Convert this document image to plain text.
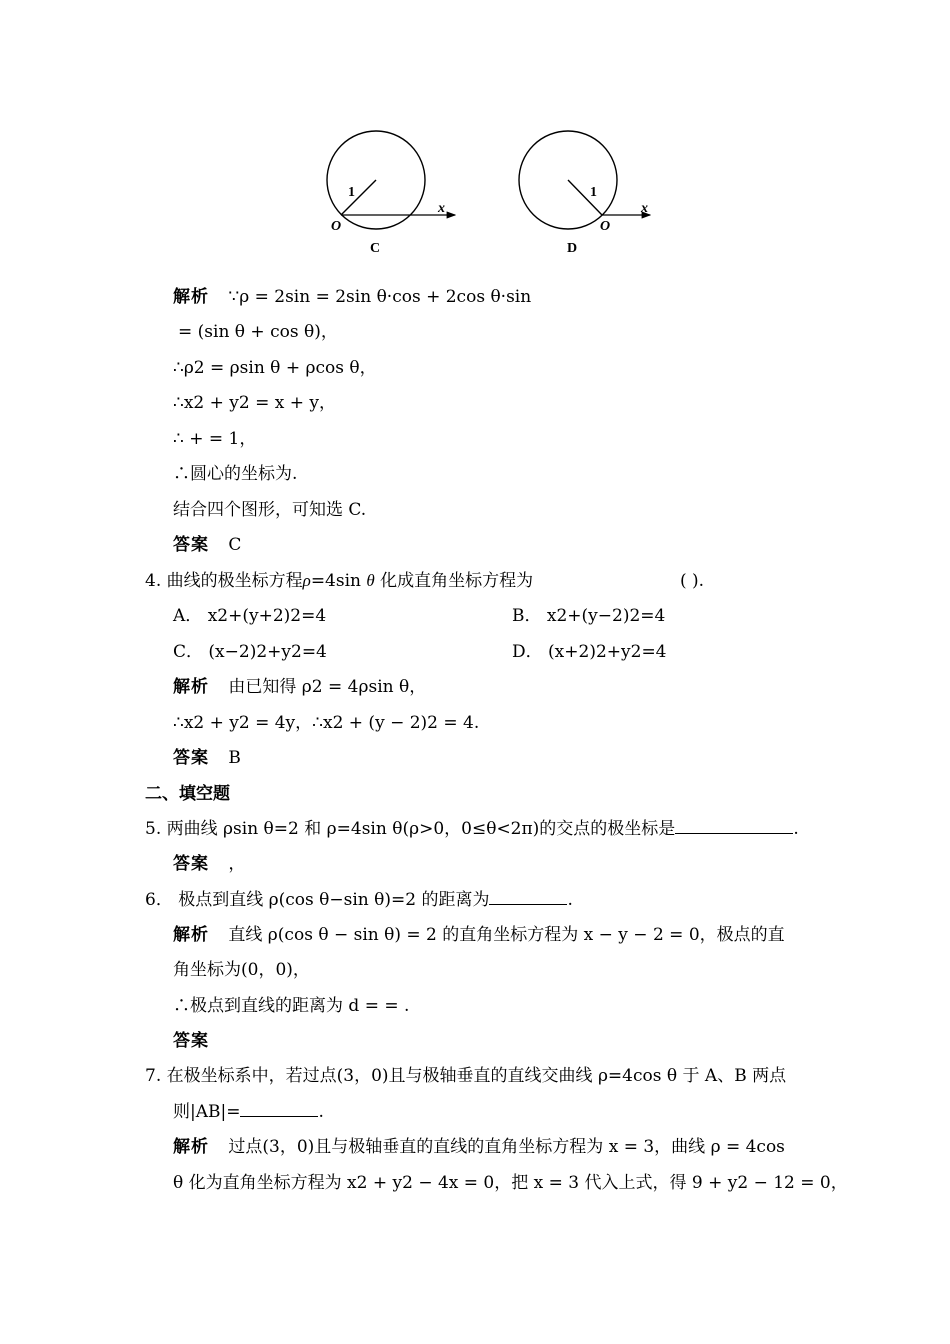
1
O
x
C
1
O
x
D
解析 ∵ρ = 2sin = 2sin θ·cos + 2cos θ·sin
= (sin θ + cos θ)，
∴ρ2 = ρsin θ + ρcos θ，
∴x2 + y2 = x + y，
∴ + = 1，
∴圆心的坐标为.
结合四个图形，可知选 C.
答案 C
4. 曲线的极坐标方程ρ=4sin θ 化成直角坐标方程为	( ).
A． x2+(y+2)2=4	B． x2+(y−2)2=4
C． (x−2)2+y2=4	D． (x+2)2+y2=4
解析 由已知得 ρ2 = 4ρsin θ，
∴x2 + y2 = 4y，∴x2 + (y − 2)2 = 4.
答案 B
二、填空题
5. 两曲线 ρsin θ=2 和 ρ=4sin θ(ρ>0，0≤θ<2π)的交点的极坐标是	.
答案 ，
6． 极点到直线 ρ(cos θ−sin θ)=2 的距离为	.
解析 直线 ρ(cos θ − sin θ) = 2 的直角坐标方程为 x − y − 2 = 0，极点的直
角坐标为(0，0)，
∴极点到直线的距离为 d = = .
答案
7. 在极坐标系中，若过点(3，0)且与极轴垂直的直线交曲线 ρ=4cos θ 于 A、B 两点
则|AB|=	.
解析 过点(3，0)且与极轴垂直的直线的直角坐标方程为 x = 3，曲线 ρ = 4cos
θ 化为直角坐标方程为 x2 + y2 − 4x = 0，把 x = 3 代入上式，得 9 + y2 − 12 = 0，
